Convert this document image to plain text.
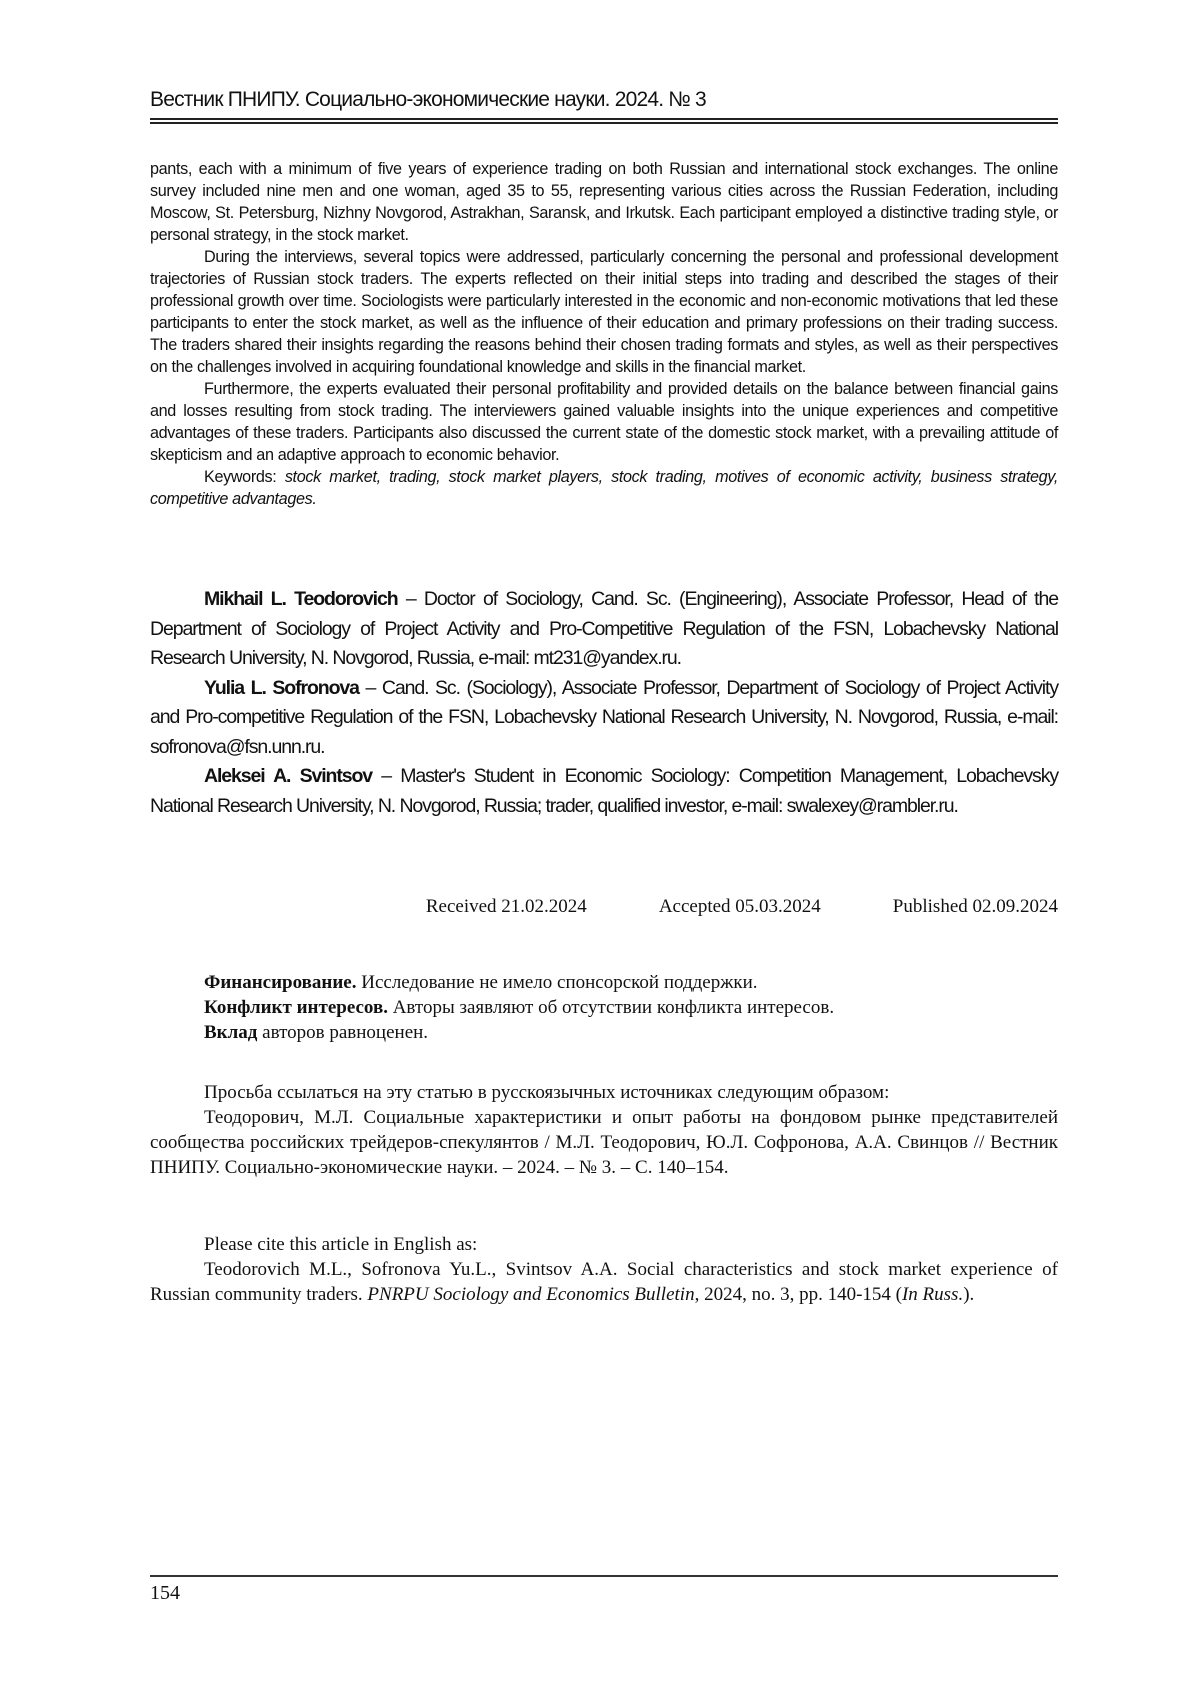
Вестник ПНИПУ. Социально-экономические науки. 2024. № 3

pants, each with a minimum of five years of experience trading on both Russian and international stock exchanges. The online survey included nine men and one woman, aged 35 to 55, representing various cities across the Russian Federation, including Moscow, St. Petersburg, Nizhny Novgorod, Astrakhan, Saransk, and Irkutsk. Each participant employed a distinctive trading style, or personal strategy, in the stock market.

During the interviews, several topics were addressed, particularly concerning the personal and professional development trajectories of Russian stock traders. The experts reflected on their initial steps into trading and described the stages of their professional growth over time. Sociologists were particularly interested in the economic and non-economic motivations that led these participants to enter the stock market, as well as the influence of their education and primary professions on their trading success. The traders shared their insights regarding the reasons behind their chosen trading formats and styles, as well as their perspectives on the challenges involved in acquiring foundational knowledge and skills in the financial market.

Furthermore, the experts evaluated their personal profitability and provided details on the balance between financial gains and losses resulting from stock trading. The interviewers gained valuable insights into the unique experiences and competitive advantages of these traders. Participants also discussed the current state of the domestic stock market, with a prevailing attitude of skepticism and an adaptive approach to economic behavior.

Keywords: stock market, trading, stock market players, stock trading, motives of economic activity, business strategy, competitive advantages.

Mikhail L. Teodorovich – Doctor of Sociology, Cand. Sc. (Engineering), Associate Professor, Head of the Department of Sociology of Project Activity and Pro-Competitive Regulation of the FSN, Lobachevsky National Research University, N. Novgorod, Russia, e-mail: mt231@yandex.ru.

Yulia L. Sofronova – Cand. Sc. (Sociology), Associate Professor, Department of Sociology of Project Activity and Pro-competitive Regulation of the FSN, Lobachevsky National Research University, N. Novgorod, Russia, e-mail: sofronova@fsn.unn.ru.

Aleksei A. Svintsov – Master's Student in Economic Sociology: Competition Management, Lobachevsky National Research University, N. Novgorod, Russia; trader, qualified investor, e-mail: swalexey@rambler.ru.

Received 21.02.2024	Accepted 05.03.2024	Published 02.09.2024

Финансирование. Исследование не имело спонсорской поддержки.

Конфликт интересов. Авторы заявляют об отсутствии конфликта интересов.

Вклад авторов равноценен.

Просьба ссылаться на эту статью в русскоязычных источниках следующим образом:

Теодорович, М.Л. Социальные характеристики и опыт работы на фондовом рынке представителей сообщества российских трейдеров-спекулянтов / М.Л. Теодорович, Ю.Л. Софронова, А.А. Свинцов // Вестник ПНИПУ. Социально-экономические науки. – 2024. – № 3. – С. 140–154.

Please cite this article in English as:

Teodorovich M.L., Sofronova Yu.L., Svintsov A.A. Social characteristics and stock market experience of Russian community traders. PNRPU Sociology and Economics Bulletin, 2024, no. 3, pp. 140-154 (In Russ.).

154
